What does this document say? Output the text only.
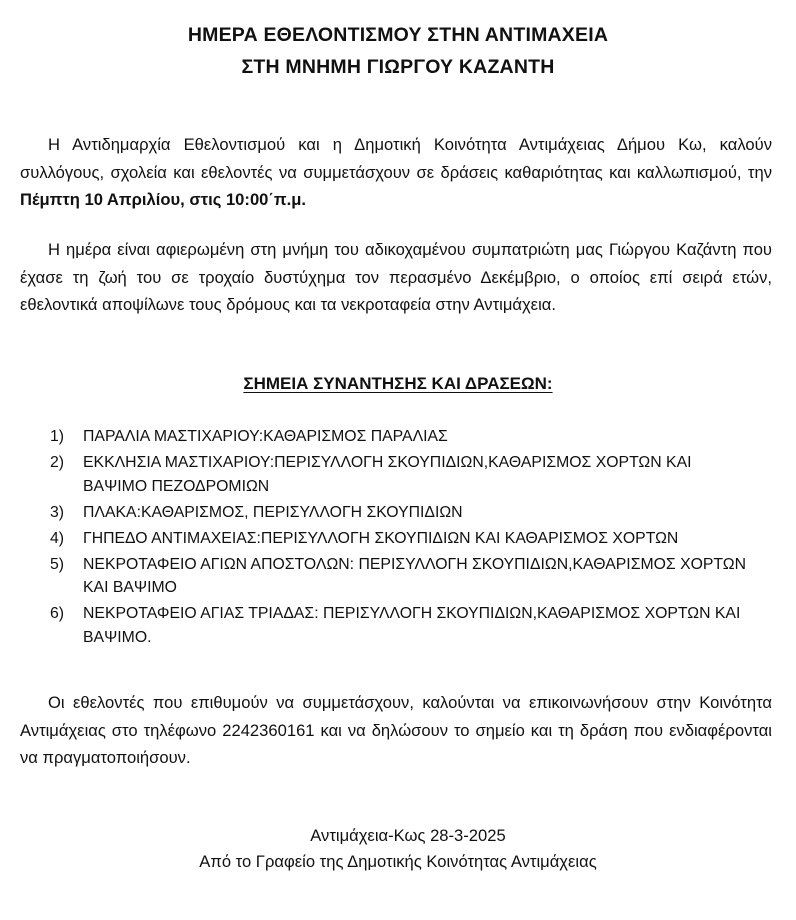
ΗΜΕΡΑ ΕΘΕΛΟΝΤΙΣΜΟΥ ΣΤΗΝ ΑΝΤΙΜΑΧΕΙΑ
ΣΤΗ ΜΝΗΜΗ ΓΙΩΡΓΟΥ ΚΑΖΑΝΤΗ
Η Αντιδημαρχία Εθελοντισμού και η Δημοτική Κοινότητα Αντιμάχειας Δήμου Κω, καλούν συλλόγους, σχολεία και εθελοντές να συμμετάσχουν σε δράσεις καθαριότητας και καλλωπισμού, την Πέμπτη 10 Απριλίου, στις 10:00΄π.μ.
Η ημέρα είναι αφιερωμένη στη μνήμη του αδικοχαμένου συμπατριώτη μας Γιώργου Καζάντη που έχασε τη ζωή του σε τροχαίο δυστύχημα τον περασμένο Δεκέμβριο, ο οποίος επί σειρά ετών, εθελοντικά αποψίλωνε τους δρόμους και τα νεκροταφεία στην Αντιμάχεια.
ΣΗΜΕΙΑ ΣΥΝΑΝΤΗΣΗΣ ΚΑΙ ΔΡΑΣΕΩΝ:
1) ΠΑΡΑΛΙΑ ΜΑΣΤΙΧΑΡΙΟΥ:ΚΑΘΑΡΙΣΜΟΣ ΠΑΡΑΛΙΑΣ
2) ΕΚΚΛΗΣΙΑ ΜΑΣΤΙΧΑΡΙΟΥ:ΠΕΡΙΣΥΛΛΟΓΗ ΣΚΟΥΠΙΔΙΩΝ,ΚΑΘΑΡΙΣΜΟΣ ΧΟΡΤΩΝ ΚΑΙ ΒΑΨΙΜΟ ΠΕΖΟΔΡΟΜΙΩΝ
3) ΠΛΑΚΑ:ΚΑΘΑΡΙΣΜΟΣ, ΠΕΡΙΣΥΛΛΟΓΗ ΣΚΟΥΠΙΔΙΩΝ
4) ΓΗΠΕΔΟ ΑΝΤΙΜΑΧΕΙΑΣ:ΠΕΡΙΣΥΛΛΟΓΗ ΣΚΟΥΠΙΔΙΩΝ ΚΑΙ ΚΑΘΑΡΙΣΜΟΣ ΧΟΡΤΩΝ
5) ΝΕΚΡΟΤΑΦΕΙΟ ΑΓΙΩΝ ΑΠΟΣΤΟΛΩΝ: ΠΕΡΙΣΥΛΛΟΓΗ ΣΚΟΥΠΙΔΙΩΝ,ΚΑΘΑΡΙΣΜΟΣ ΧΟΡΤΩΝ ΚΑΙ ΒΑΨΙΜΟ
6) ΝΕΚΡΟΤΑΦΕΙΟ ΑΓΙΑΣ ΤΡΙΑΔΑΣ: ΠΕΡΙΣΥΛΛΟΓΗ ΣΚΟΥΠΙΔΙΩΝ,ΚΑΘΑΡΙΣΜΟΣ ΧΟΡΤΩΝ ΚΑΙ ΒΑΨΙΜΟ.
Οι εθελοντές που επιθυμούν να συμμετάσχουν, καλούνται να επικοινωνήσουν στην Κοινότητα Αντιμάχειας στο τηλέφωνο 2242360161 και να δηλώσουν το σημείο και τη δράση που ενδιαφέρονται να πραγματοποιήσουν.
Αντιμάχεια-Κως 28-3-2025
Από το Γραφείο της Δημοτικής Κοινότητας Αντιμάχειας
